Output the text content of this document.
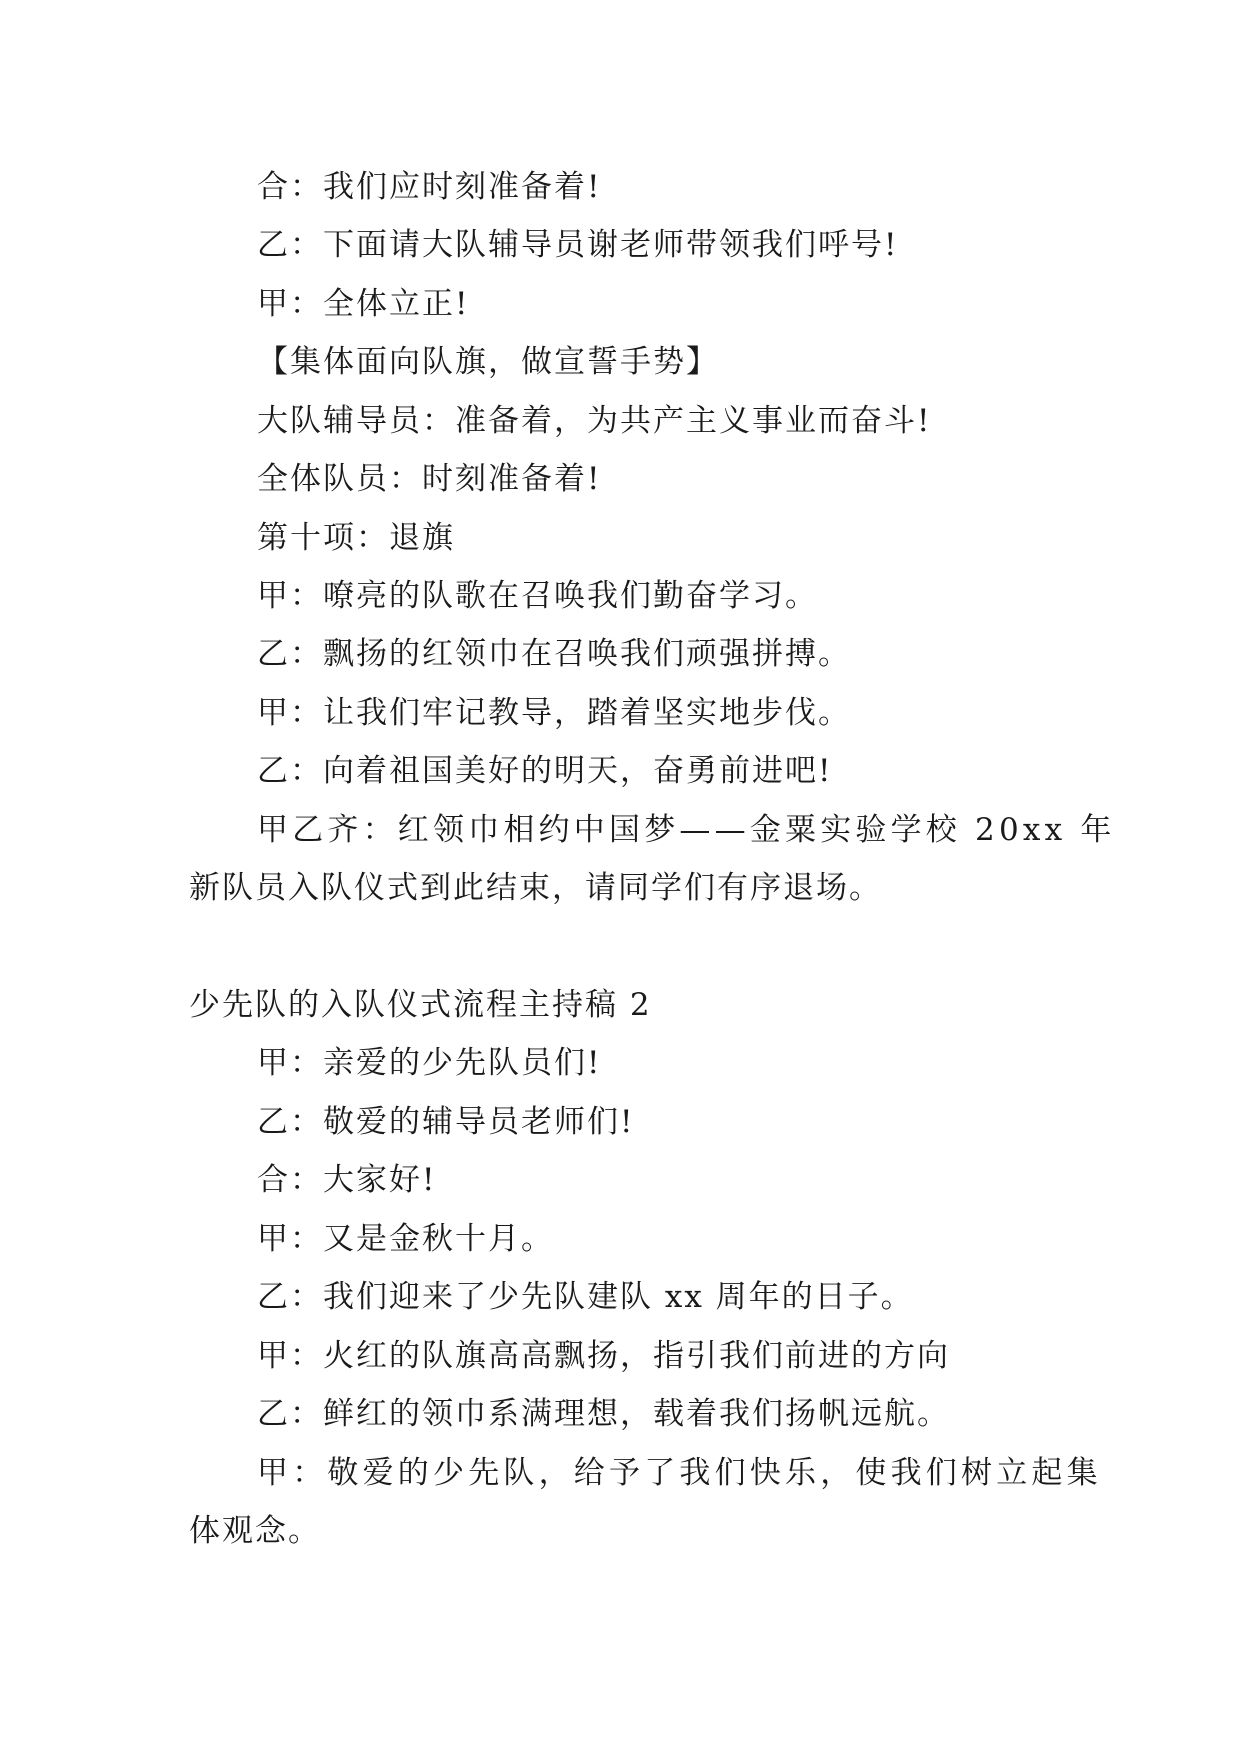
合：我们应时刻准备着!
乙：下面请大队辅导员谢老师带领我们呼号!
甲：全体立正!
【集体面向队旗，做宣誓手势】
大队辅导员：准备着，为共产主义事业而奋斗!
全体队员：时刻准备着!
第十项：退旗
甲：嘹亮的队歌在召唤我们勤奋学习。
乙：飘扬的红领巾在召唤我们顽强拼搏。
甲：让我们牢记教导，踏着坚实地步伐。
乙：向着祖国美好的明天，奋勇前进吧!
甲乙齐：红领巾相约中国梦——金粟实验学校 20xx 年
新队员入队仪式到此结束，请同学们有序退场。
少先队的入队仪式流程主持稿 2
甲：亲爱的少先队员们!
乙：敬爱的辅导员老师们!
合：大家好!
甲：又是金秋十月。
乙：我们迎来了少先队建队 xx 周年的日子。
甲：火红的队旗高高飘扬，指引我们前进的方向
乙：鲜红的领巾系满理想，载着我们扬帆远航。
甲：敬爱的少先队，给予了我们快乐，使我们树立起集
体观念。
